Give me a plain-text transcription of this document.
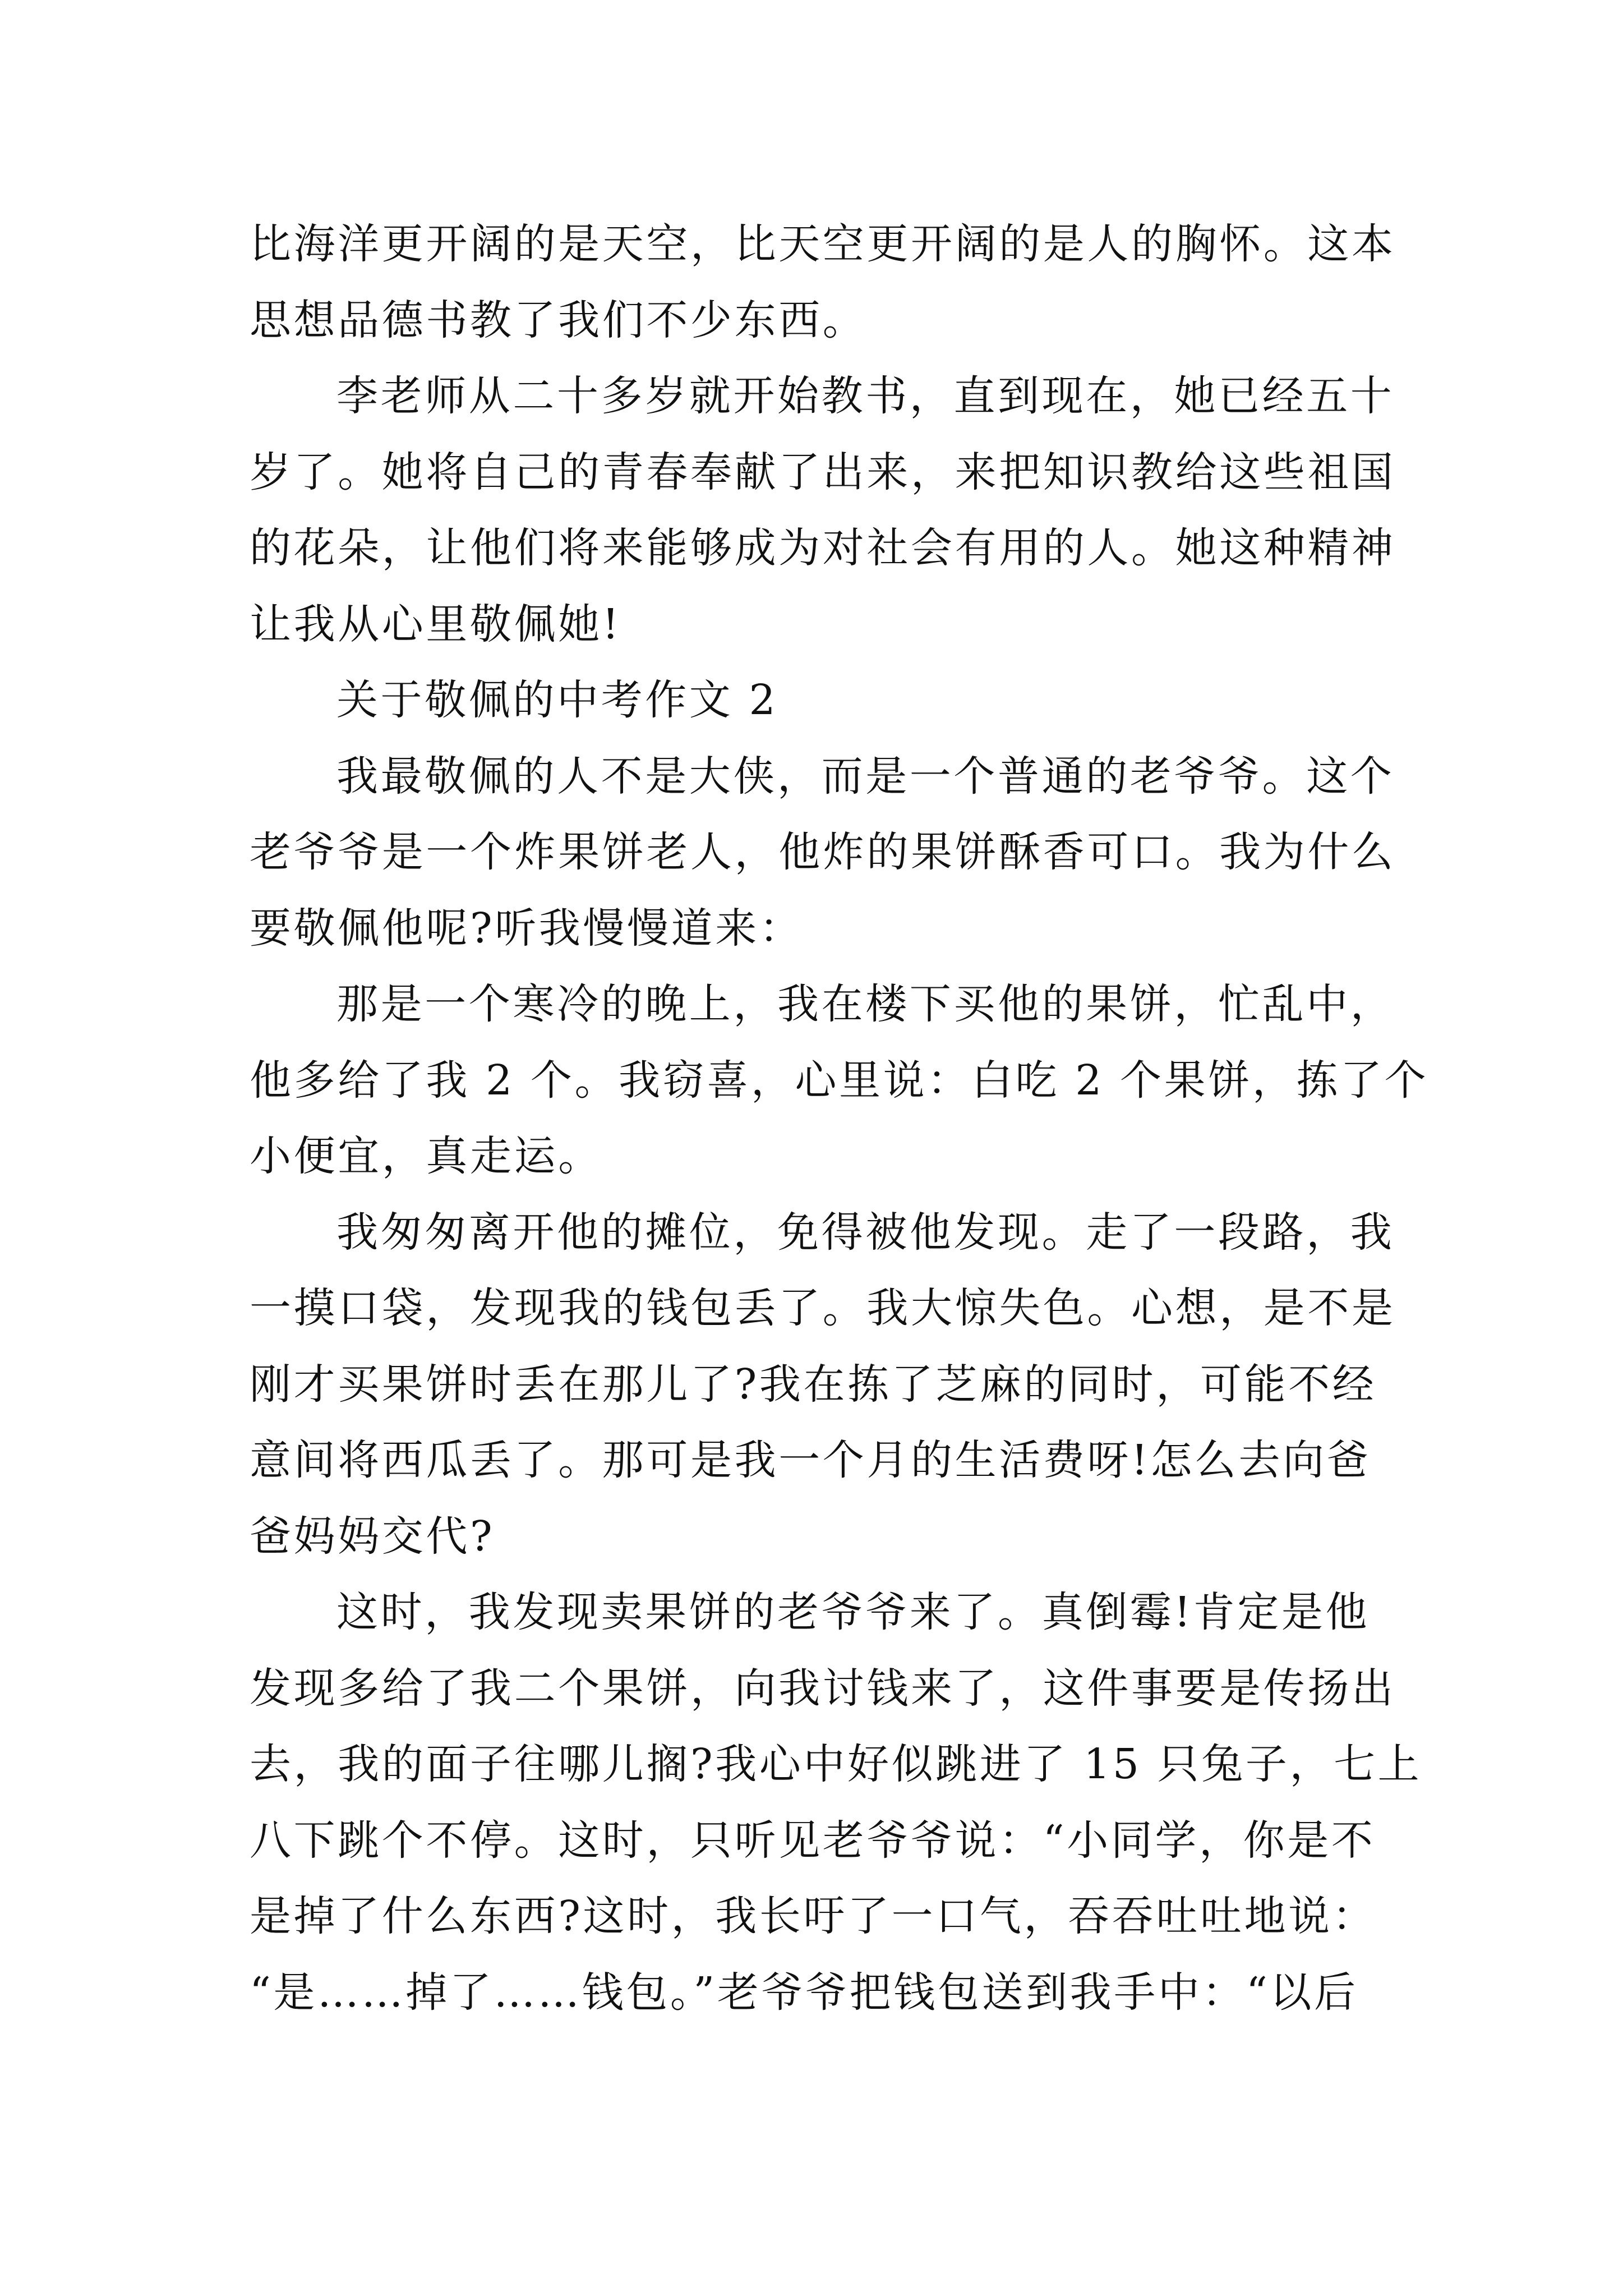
比海洋更开阔的是天空，比天空更开阔的是人的胸怀。这本
思想品德书教了我们不少东西。
李老师从二十多岁就开始教书，直到现在，她已经五十
岁了。她将自己的青春奉献了出来，来把知识教给这些祖国
的花朵，让他们将来能够成为对社会有用的人。她这种精神
让我从心里敬佩她!
关于敬佩的中考作文 2
我最敬佩的人不是大侠，而是一个普通的老爷爷。这个
老爷爷是一个炸果饼老人，他炸的果饼酥香可口。我为什么
要敬佩他呢?听我慢慢道来：
那是一个寒冷的晚上，我在楼下买他的果饼，忙乱中，
他多给了我 2 个。我窃喜，心里说：白吃 2 个果饼，拣了个
小便宜，真走运。
我匆匆离开他的摊位，免得被他发现。走了一段路，我
一摸口袋，发现我的钱包丢了。我大惊失色。心想，是不是
刚才买果饼时丢在那儿了?我在拣了芝麻的同时，可能不经
意间将西瓜丢了。那可是我一个月的生活费呀!怎么去向爸
爸妈妈交代?
这时，我发现卖果饼的老爷爷来了。真倒霉!肯定是他
发现多给了我二个果饼，向我讨钱来了，这件事要是传扬出
去，我的面子往哪儿搁?我心中好似跳进了 15 只兔子，七上
八下跳个不停。这时，只听见老爷爷说：“小同学，你是不
是掉了什么东西?这时，我长吁了一口气，吞吞吐吐地说：
“是……掉了……钱包。”老爷爷把钱包送到我手中：“以后
